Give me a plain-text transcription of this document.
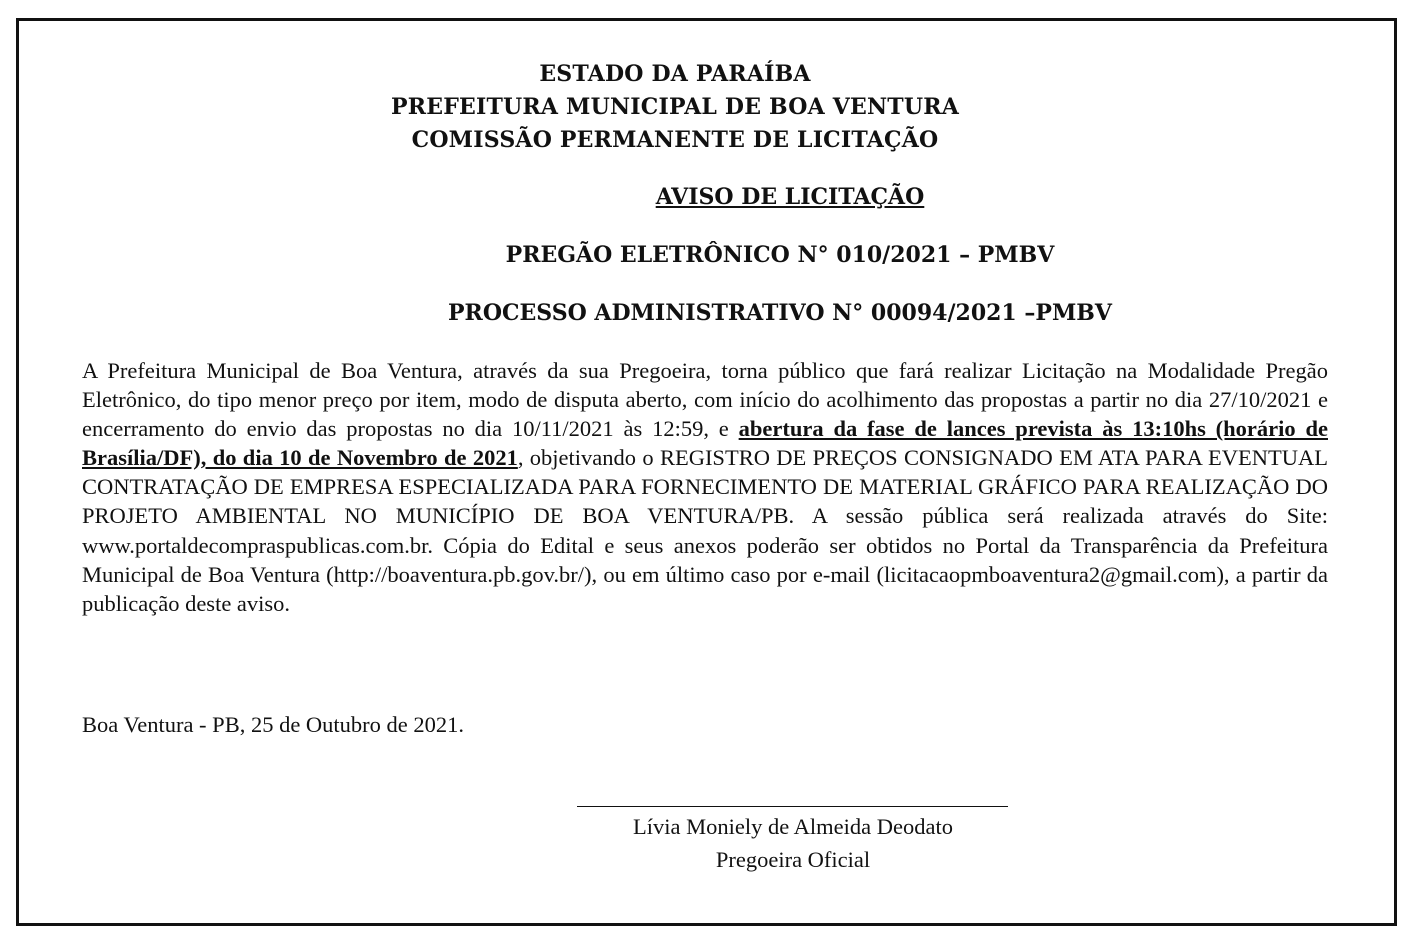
ESTADO DA PARAÍBA
PREFEITURA MUNICIPAL DE BOA VENTURA
COMISSÃO PERMANENTE DE LICITAÇÃO
AVISO DE LICITAÇÃO
PREGÃO ELETRÔNICO N° 010/2021 – PMBV
PROCESSO ADMINISTRATIVO N° 00094/2021 –PMBV
A Prefeitura Municipal de Boa Ventura, através da sua Pregoeira, torna público que fará realizar Licitação na Modalidade Pregão Eletrônico, do tipo menor preço por item, modo de disputa aberto, com início do acolhimento das propostas a partir no dia 27/10/2021 e encerramento do envio das propostas no dia 10/11/2021 às 12:59, e abertura da fase de lances prevista às 13:10hs (horário de Brasília/DF), do dia 10 de Novembro de 2021, objetivando o REGISTRO DE PREÇOS CONSIGNADO EM ATA PARA EVENTUAL CONTRATAÇÃO DE EMPRESA ESPECIALIZADA PARA FORNECIMENTO DE MATERIAL GRÁFICO PARA REALIZAÇÃO DO PROJETO AMBIENTAL NO MUNICÍPIO DE BOA VENTURA/PB. A sessão pública será realizada através do Site: www.portaldecompraspublicas.com.br. Cópia do Edital e seus anexos poderão ser obtidos no Portal da Transparência da Prefeitura Municipal de Boa Ventura (http://boaventura.pb.gov.br/), ou em último caso por e-mail (licitacaopmboaventura2@gmail.com), a partir da publicação deste aviso.
Boa Ventura - PB, 25 de Outubro de 2021.
Lívia Moniely de Almeida Deodato
Pregoeira Oficial
